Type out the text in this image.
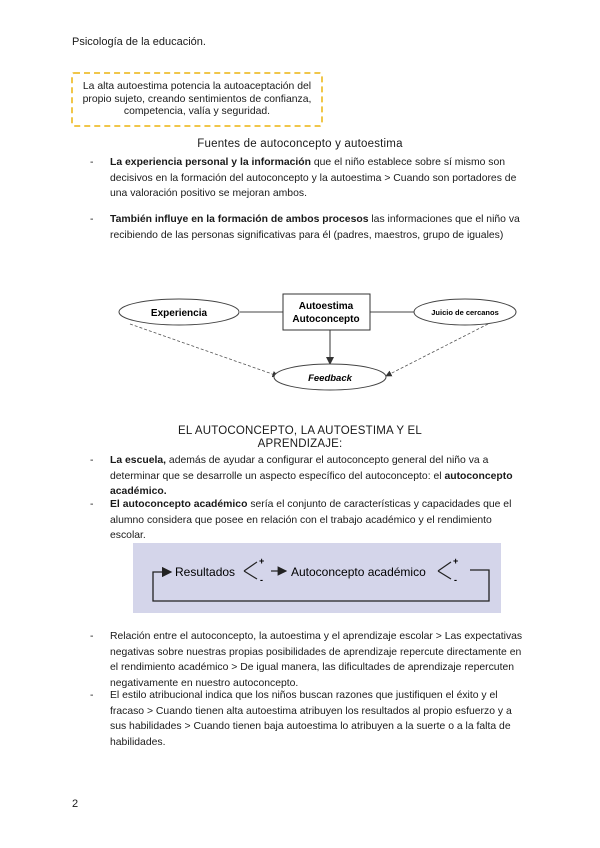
Psicología de la educación.
La alta autoestima potencia la autoaceptación del propio sujeto, creando sentimientos de confianza, competencia, valía y seguridad.
Fuentes de autoconcepto y autoestima
-	La experiencia personal y la información que el niño establece sobre sí mismo son decisivos en la formación del autoconcepto y la autoestima > Cuando son portadores de una valoración positivo se mejoran ambos.
-	También influye en la formación de ambos procesos las informaciones que el niño va recibiendo de las personas significativas para él (padres, maestros, grupo de iguales)
Experiencia
Autoestima
Autoconcepto
Juicio de cercanos
Feedback
EL AUTOCONCEPTO, LA AUTOESTIMA Y EL
APRENDIZAJE:
-	La escuela, además de ayudar a configurar el autoconcepto general del niño va a determinar que se desarrolle un aspecto específico del autoconcepto: el autoconcepto académico.
-	El autoconcepto académico sería el conjunto de características y capacidades que el alumno considera que posee en relación con el trabajo académico y el rendimiento escolar.
Resultados
+
-
Autoconcepto académico
+
-
-	Relación entre el autoconcepto, la autoestima y el aprendizaje escolar > Las expectativas negativas sobre nuestras propias posibilidades de aprendizaje repercute directamente en el rendimiento académico > De igual manera, las dificultades de aprendizaje repercuten negativamente en nuestro autoconcepto.
-	El estilo atribucional indica que los niños buscan razones que justifiquen el éxito y el fracaso > Cuando tienen alta autoestima atribuyen los resultados al propio esfuerzo y a sus habilidades > Cuando tienen baja autoestima lo atribuyen a la suerte o a la falta de habilidades.
2
